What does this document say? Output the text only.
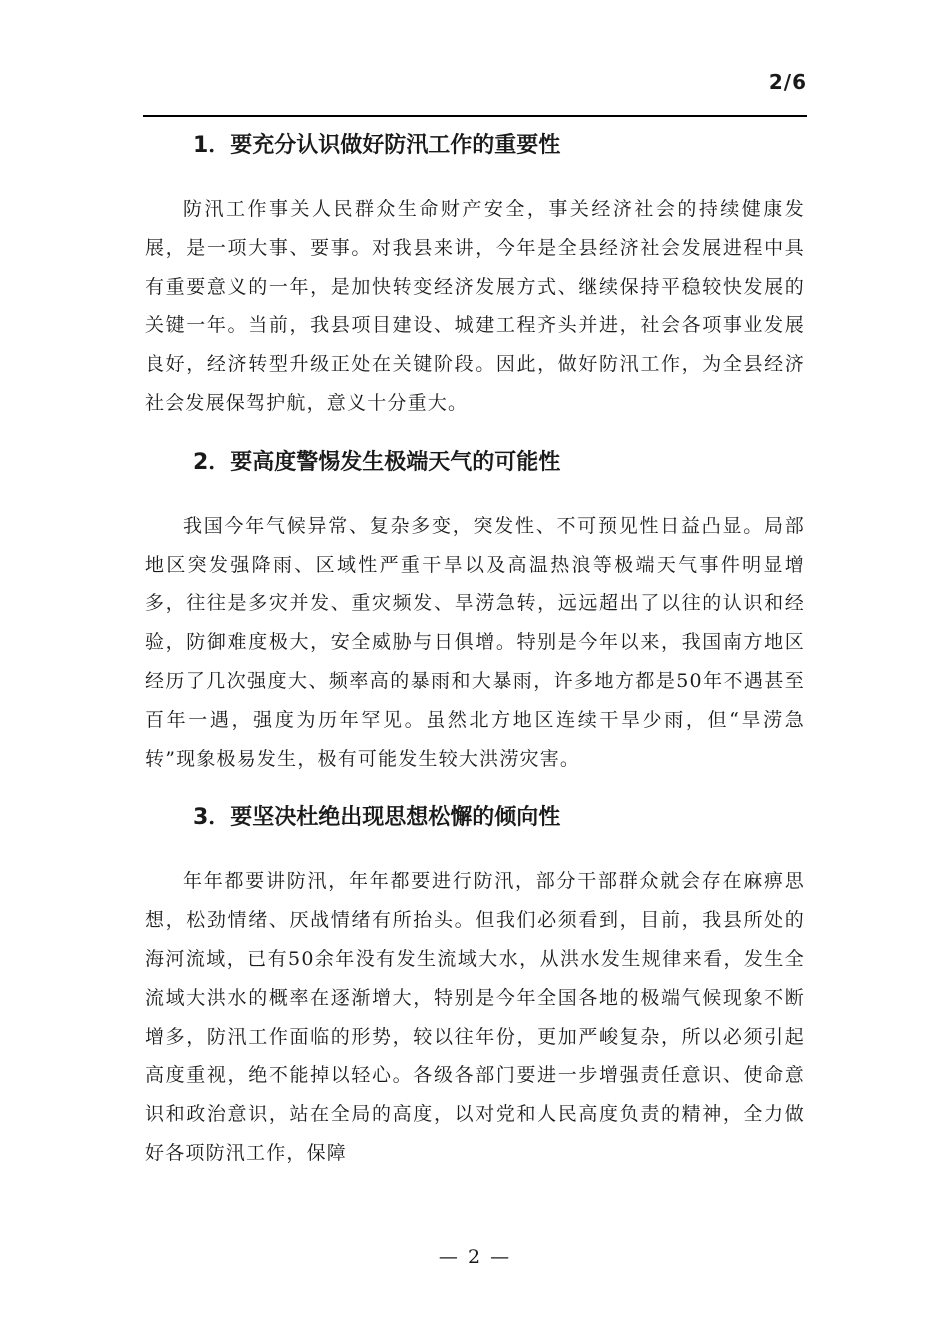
2/6
1．要充分认识做好防汛工作的重要性

防汛工作事关人民群众生命财产安全，事关经济社会的持续健康发展，是一项大事、要事。对我县来讲，今年是全县经济社会发展进程中具有重要意义的一年，是加快转变经济发展方式、继续保持平稳较快发展的关键一年。当前，我县项目建设、城建工程齐头并进，社会各项事业发展良好，经济转型升级正处在关键阶段。因此，做好防汛工作，为全县经济社会发展保驾护航，意义十分重大。

2．要高度警惕发生极端天气的可能性

我国今年气候异常、复杂多变，突发性、不可预见性日益凸显。局部地区突发强降雨、区域性严重干旱以及高温热浪等极端天气事件明显增多，往往是多灾并发、重灾频发、旱涝急转，远远超出了以往的认识和经验，防御难度极大，安全威胁与日俱增。特别是今年以来，我国南方地区经历了几次强度大、频率高的暴雨和大暴雨，许多地方都是50年不遇甚至百年一遇，强度为历年罕见。虽然北方地区连续干旱少雨，但“旱涝急转”现象极易发生，极有可能发生较大洪涝灾害。

3．要坚决杜绝出现思想松懈的倾向性

年年都要讲防汛，年年都要进行防汛，部分干部群众就会存在麻痹思想，松劲情绪、厌战情绪有所抬头。但我们必须看到，目前，我县所处的海河流域，已有50余年没有发生流域大水，从洪水发生规律来看，发生全流域大洪水的概率在逐渐增大，特别是今年全国各地的极端气候现象不断增多，防汛工作面临的形势，较以往年份，更加严峻复杂，所以必须引起高度重视，绝不能掉以轻心。各级各部门要进一步增强责任意识、使命意识和政治意识，站在全局的高度，以对党和人民高度负责的精神，全力做好各项防汛工作，保障

— 2 —
